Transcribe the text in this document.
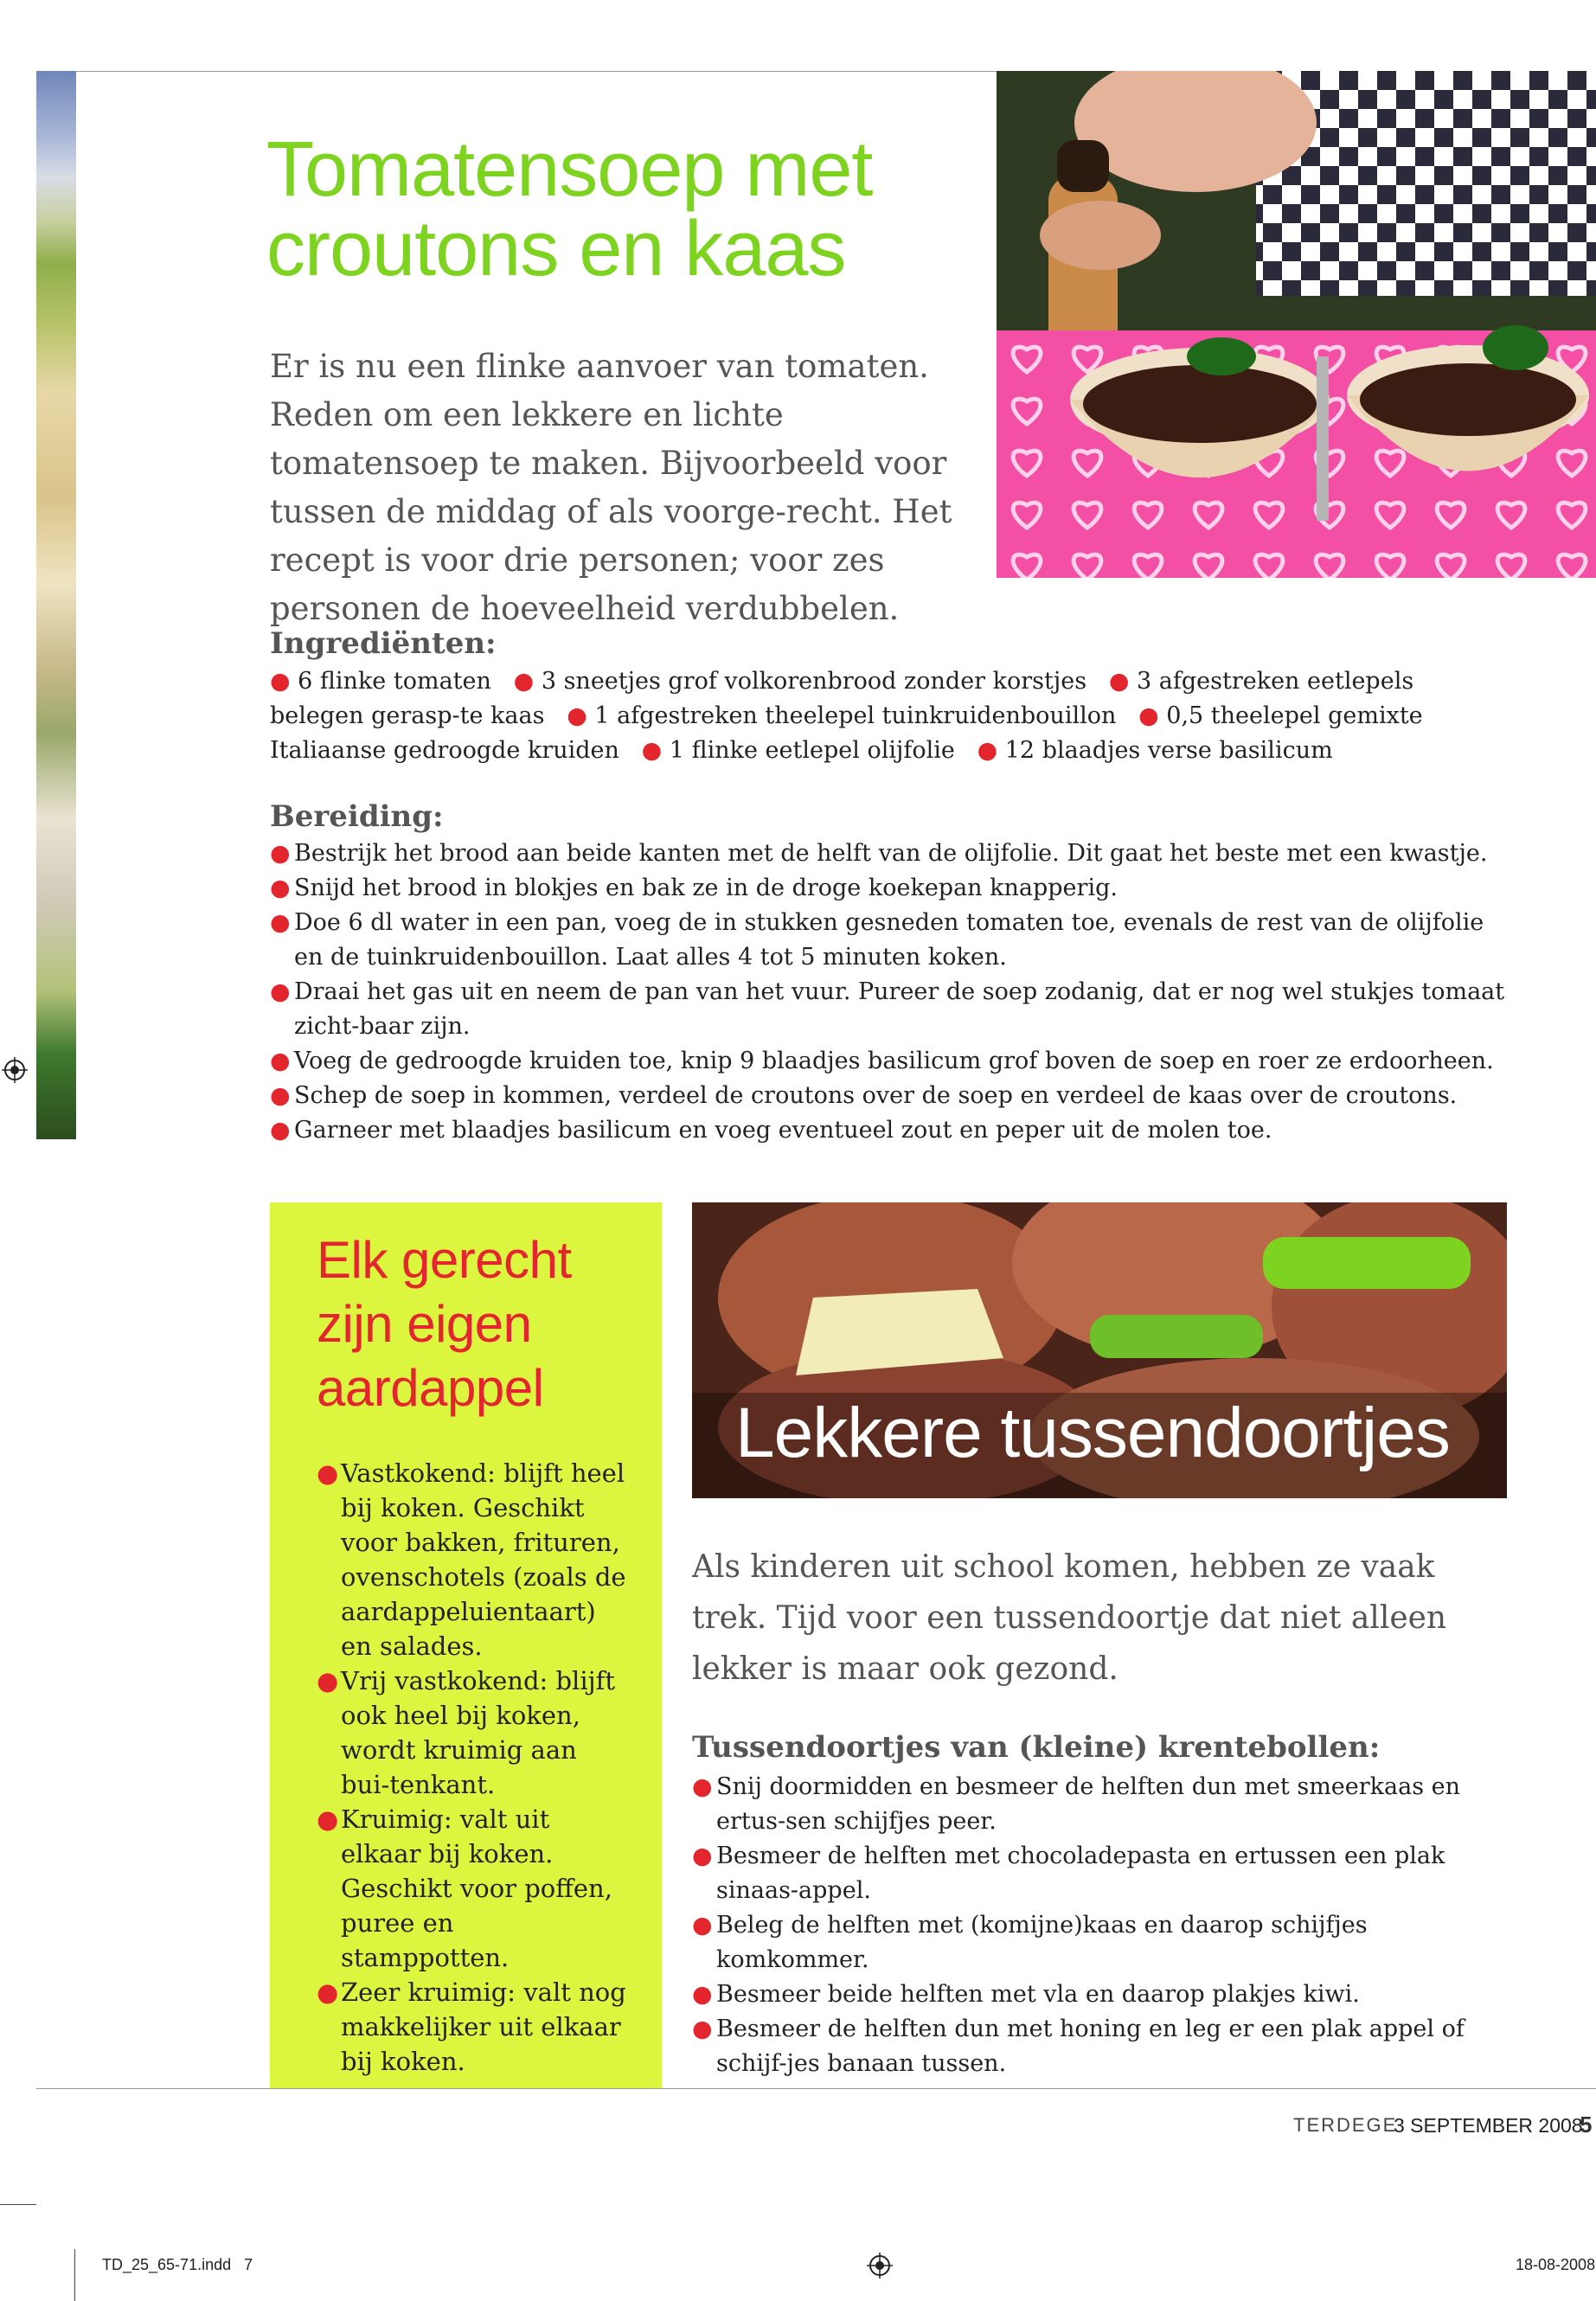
Tomatensoep met
croutons en kaas
Er is nu een flinke aanvoer van tomaten. Reden om een lekkere en lichte tomatensoep te maken. Bijvoorbeeld voor tussen de middag of als voorge-recht. Het recept is voor drie personen; voor zes personen de hoeveelheid verdubbelen.
Ingrediënten:
● 6 flinke tomaten ● 3 sneetjes grof volkorenbrood zonder korstjes ● 3 afgestreken eetlepels belegen gerasp-te kaas ● 1 afgestreken theelepel tuinkruidenbouillon ● 0,5 theelepel gemixte Italiaanse gedroogde kruiden ● 1 flinke eetlepel olijfolie ● 12 blaadjes verse basilicum
Bereiding:
● Bestrijk het brood aan beide kanten met de helft van de olijfolie. Dit gaat het beste met een kwastje.
● Snijd het brood in blokjes en bak ze in de droge koekepan knapperig.
● Doe 6 dl water in een pan, voeg de in stukken gesneden tomaten toe, evenals de rest van de olijfolie en de tuinkruidenbouillon. Laat alles 4 tot 5 minuten koken.
● Draai het gas uit en neem de pan van het vuur. Pureer de soep zodanig, dat er nog wel stukjes tomaat zicht-baar zijn.
● Voeg de gedroogde kruiden toe, knip 9 blaadjes basilicum grof boven de soep en roer ze erdoorheen.
● Schep de soep in kommen, verdeel de croutons over de soep en verdeel de kaas over de croutons.
● Garneer met blaadjes basilicum en voeg eventueel zout en peper uit de molen toe.
Elk gerecht
zijn eigen
aardappel
● Vastkokend: blijft heel bij koken. Geschikt voor bakken, frituren, ovenschotels (zoals de aardappeluientaart) en salades.
● Vrij vastkokend: blijft ook heel bij koken, wordt kruimig aan bui-tenkant.
● Kruimig: valt uit elkaar bij koken. Geschikt voor poffen, puree en stamppotten.
● Zeer kruimig: valt nog makkelijker uit elkaar bij koken.
Lekkere tussendoortjes
Als kinderen uit school komen, hebben ze vaak trek. Tijd voor een tussendoortje dat niet alleen lekker is maar ook gezond.
Tussendoortjes van (kleine) krentebollen:
● Snij doormidden en besmeer de helften dun met smeerkaas en ertus-sen schijfjes peer.
● Besmeer de helften met chocoladepasta en ertussen een plak sinaas-appel.
● Beleg de helften met (komijne)kaas en daarop schijfjes komkommer.
● Besmeer beide helften met vla en daarop plakjes kiwi.
● Besmeer de helften dun met honing en leg er een plak appel of schijf-jes banaan tussen.
TERDEGE
3 SEPTEMBER 2008
5
TD_25_65-71.indd   7	18-08-2008
